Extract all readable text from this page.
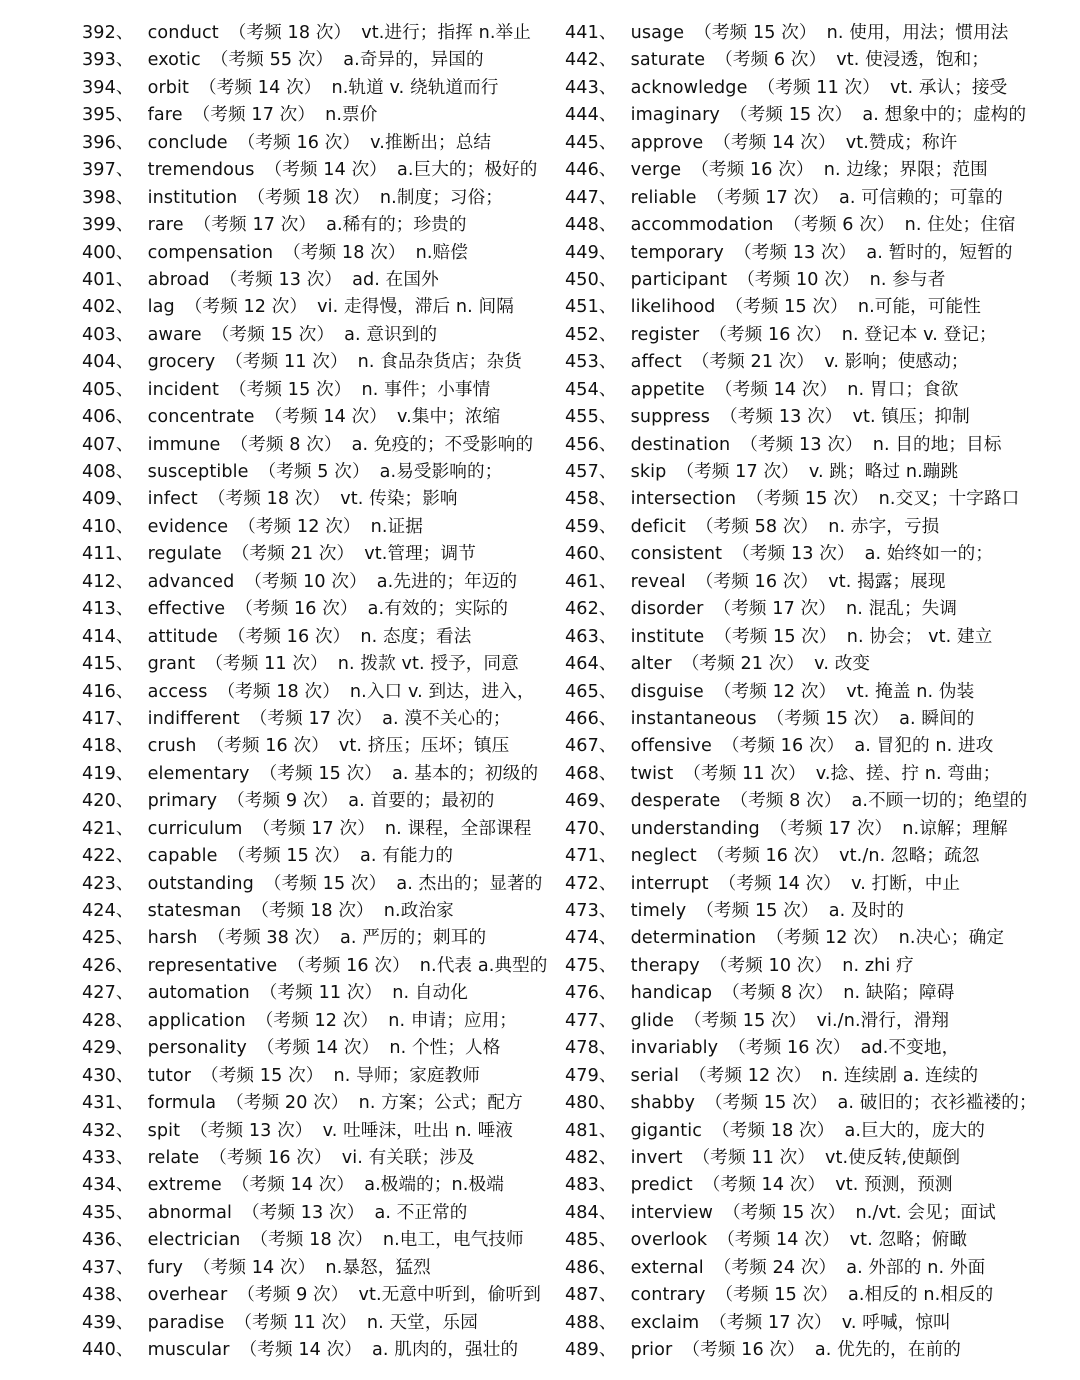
392、 conduct （考频 18 次） vt.进行；指挥 n.举止
393、 exotic （考频 55 次） a.奇异的，异国的
394、 orbit （考频 14 次） n.轨道 v. 绕轨道而行
395、 fare （考频 17 次） n.票价
396、 conclude （考频 16 次） v.推断出；总结
397、 tremendous （考频 14 次） a.巨大的；极好的
398、 institution （考频 18 次） n.制度；习俗；
399、 rare （考频 17 次） a.稀有的；珍贵的
400、 compensation （考频 18 次） n.赔偿
401、 abroad （考频 13 次） ad. 在国外
402、 lag （考频 12 次） vi. 走得慢，滞后 n. 间隔
403、 aware （考频 15 次） a. 意识到的
404、 grocery （考频 11 次） n. 食品杂货店；杂货
405、 incident （考频 15 次） n. 事件；小事情
406、 concentrate （考频 14 次） v.集中；浓缩
407、 immune （考频 8 次） a. 免疫的；不受影响的
408、 susceptible （考频 5 次） a.易受影响的；
409、 infect （考频 18 次） vt. 传染；影响
410、 evidence （考频 12 次） n.证据
411、 regulate （考频 21 次） vt.管理；调节
412、 advanced （考频 10 次） a.先进的；年迈的
413、 effective （考频 16 次） a.有效的；实际的
414、 attitude （考频 16 次） n. 态度；看法
415、 grant （考频 11 次） n. 拨款 vt. 授予，同意
416、 access （考频 18 次） n.入口 v. 到达，进入，
417、 indifferent （考频 17 次） a. 漠不关心的；
418、 crush （考频 16 次） vt. 挤压；压坏；镇压
419、 elementary （考频 15 次） a. 基本的；初级的
420、 primary （考频 9 次） a. 首要的；最初的
421、 curriculum （考频 17 次） n. 课程，全部课程
422、 capable （考频 15 次） a. 有能力的
423、 outstanding （考频 15 次） a. 杰出的；显著的
424、 statesman （考频 18 次） n.政治家
425、 harsh （考频 38 次） a. 严厉的；刺耳的
426、 representative （考频 16 次） n.代表 a.典型的
427、 automation （考频 11 次） n. 自动化
428、 application （考频 12 次） n. 申请；应用；
429、 personality （考频 14 次） n. 个性；人格
430、 tutor （考频 15 次） n. 导师；家庭教师
431、 formula （考频 20 次） n. 方案；公式；配方
432、 spit （考频 13 次） v. 吐唾沫，吐出 n. 唾液
433、 relate （考频 16 次） vi. 有关联；涉及
434、 extreme （考频 14 次） a.极端的；n.极端
435、 abnormal （考频 13 次） a. 不正常的
436、 electrician （考频 18 次） n.电工，电气技师
437、 fury （考频 14 次） n.暴怒，猛烈
438、 overhear （考频 9 次） vt.无意中听到，偷听到
439、 paradise （考频 11 次） n. 天堂，乐园
440、 muscular （考频 14 次） a. 肌肉的，强壮的
441、 usage （考频 15 次） n. 使用，用法；惯用法
442、 saturate （考频 6 次） vt. 使浸透，饱和；
443、 acknowledge （考频 11 次） vt. 承认；接受
444、 imaginary （考频 15 次） a. 想象中的；虚构的
445、 approve （考频 14 次） vt.赞成；称许
446、 verge （考频 16 次） n. 边缘；界限；范围
447、 reliable （考频 17 次） a. 可信赖的；可靠的
448、 accommodation （考频 6 次） n. 住处；住宿
449、 temporary （考频 13 次） a. 暂时的，短暂的
450、 participant （考频 10 次） n. 参与者
451、 likelihood （考频 15 次） n.可能，可能性
452、 register （考频 16 次） n. 登记本 v. 登记；
453、 affect （考频 21 次） v. 影响；使感动；
454、 appetite （考频 14 次） n. 胃口；食欲
455、 suppress （考频 13 次） vt. 镇压；抑制
456、 destination （考频 13 次） n. 目的地；目标
457、 skip （考频 17 次） v. 跳；略过 n.蹦跳
458、 intersection （考频 15 次） n.交叉；十字路口
459、 deficit （考频 58 次） n. 赤字，亏损
460、 consistent （考频 13 次） a. 始终如一的；
461、 reveal （考频 16 次） vt. 揭露；展现
462、 disorder （考频 17 次） n. 混乱；失调
463、 institute （考频 15 次） n. 协会； vt. 建立
464、 alter （考频 21 次） v. 改变
465、 disguise （考频 12 次） vt. 掩盖 n. 伪装
466、 instantaneous （考频 15 次） a. 瞬间的
467、 offensive （考频 16 次） a. 冒犯的 n. 进攻
468、 twist （考频 11 次） v.捻、搓、拧 n. 弯曲；
469、 desperate （考频 8 次） a.不顾一切的；绝望的
470、 understanding （考频 17 次） n.谅解；理解
471、 neglect （考频 16 次） vt./n. 忽略；疏忽
472、 interrupt （考频 14 次） v. 打断，中止
473、 timely （考频 15 次） a. 及时的
474、 determination （考频 12 次） n.决心；确定
475、 therapy （考频 10 次） n. zhi 疗
476、 handicap （考频 8 次） n. 缺陷；障碍
477、 glide （考频 15 次） vi./n.滑行，滑翔
478、 invariably （考频 16 次） ad.不变地，
479、 serial （考频 12 次） n. 连续剧 a. 连续的
480、 shabby （考频 15 次） a. 破旧的；衣衫褴褛的；
481、 gigantic （考频 18 次） a.巨大的，庞大的
482、 invert （考频 11 次） vt.使反转,使颠倒
483、 predict （考频 14 次） vt. 预测，预测
484、 interview （考频 15 次） n./vt. 会见；面试
485、 overlook （考频 14 次） vt. 忽略；俯瞰
486、 external （考频 24 次） a. 外部的 n. 外面
487、 contrary （考频 15 次） a.相反的 n.相反的
488、 exclaim （考频 17 次） v. 呼喊，惊叫
489、 prior （考频 16 次） a. 优先的，在前的
